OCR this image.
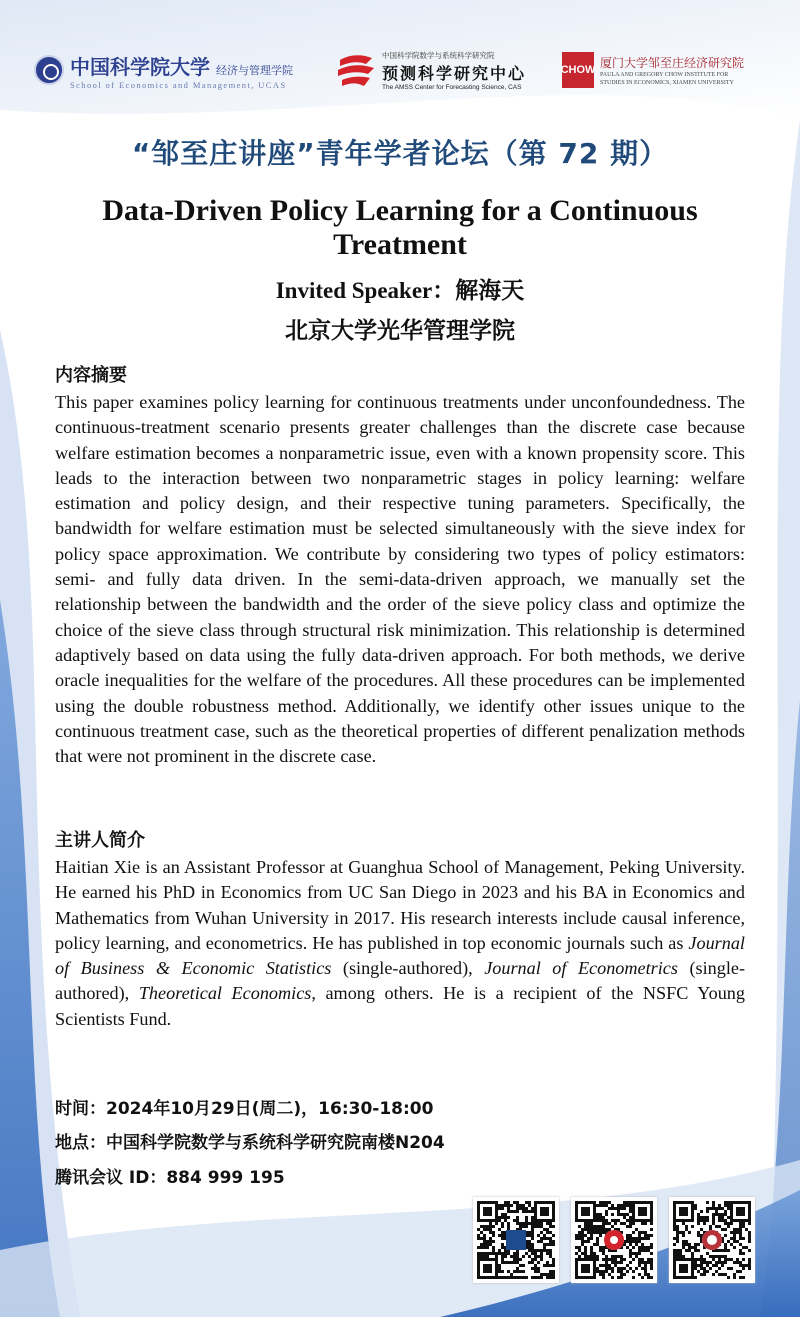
中国科学院大学 经济与管理学院
School of Economics and Management, UCAS
中国科学院数学与系统科学研究院
预测科学研究中心
The AMSS Center for Forecasting Science, CAS
CHOW
厦门大学邹至庄经济研究院
PAULA AND GREGORY CHOW INSTITUTE FOR
STUDIES IN ECONOMICS, XIAMEN UNIVERSITY
“邹至庄讲座”青年学者论坛（第 72 期）
Data-Driven Policy Learning for a Continuous Treatment
Invited Speaker：解海天
北京大学光华管理学院
内容摘要
This paper examines policy learning for continuous treatments under unconfoundedness. The continuous-treatment scenario presents greater challenges than the discrete case because welfare estimation becomes a nonparametric issue, even with a known propensity score. This leads to the interaction between two nonparametric stages in policy learning: welfare estimation and policy design, and their respective tuning parameters. Specifically, the bandwidth for welfare estimation must be selected simultaneously with the sieve index for policy space approximation. We contribute by considering two types of policy estimators: semi- and fully data driven. In the semi-data-driven approach, we manually set the relationship between the bandwidth and the order of the sieve policy class and optimize the choice of the sieve class through structural risk minimization. This relationship is determined adaptively based on data using the fully data-driven approach. For both methods, we derive oracle inequalities for the welfare of the procedures. All these procedures can be implemented using the double robustness method. Additionally, we identify other issues unique to the continuous treatment case, such as the theoretical properties of different penalization methods that were not prominent in the discrete case.
主讲人简介
Haitian Xie is an Assistant Professor at Guanghua School of Management, Peking University. He earned his PhD in Economics from UC San Diego in 2023 and his BA in Economics and Mathematics from Wuhan University in 2017. His research interests include causal inference, policy learning, and econometrics. He has published in top economic journals such as Journal of Business & Economic Statistics (single-authored), Journal of Econometrics (single-authored), Theoretical Economics, among others. He is a recipient of the NSFC Young Scientists Fund.
时间：2024年10月29日(周二)，16:30-18:00
地点：中国科学院数学与系统科学研究院南楼N204
腾讯会议 ID：884 999 195
